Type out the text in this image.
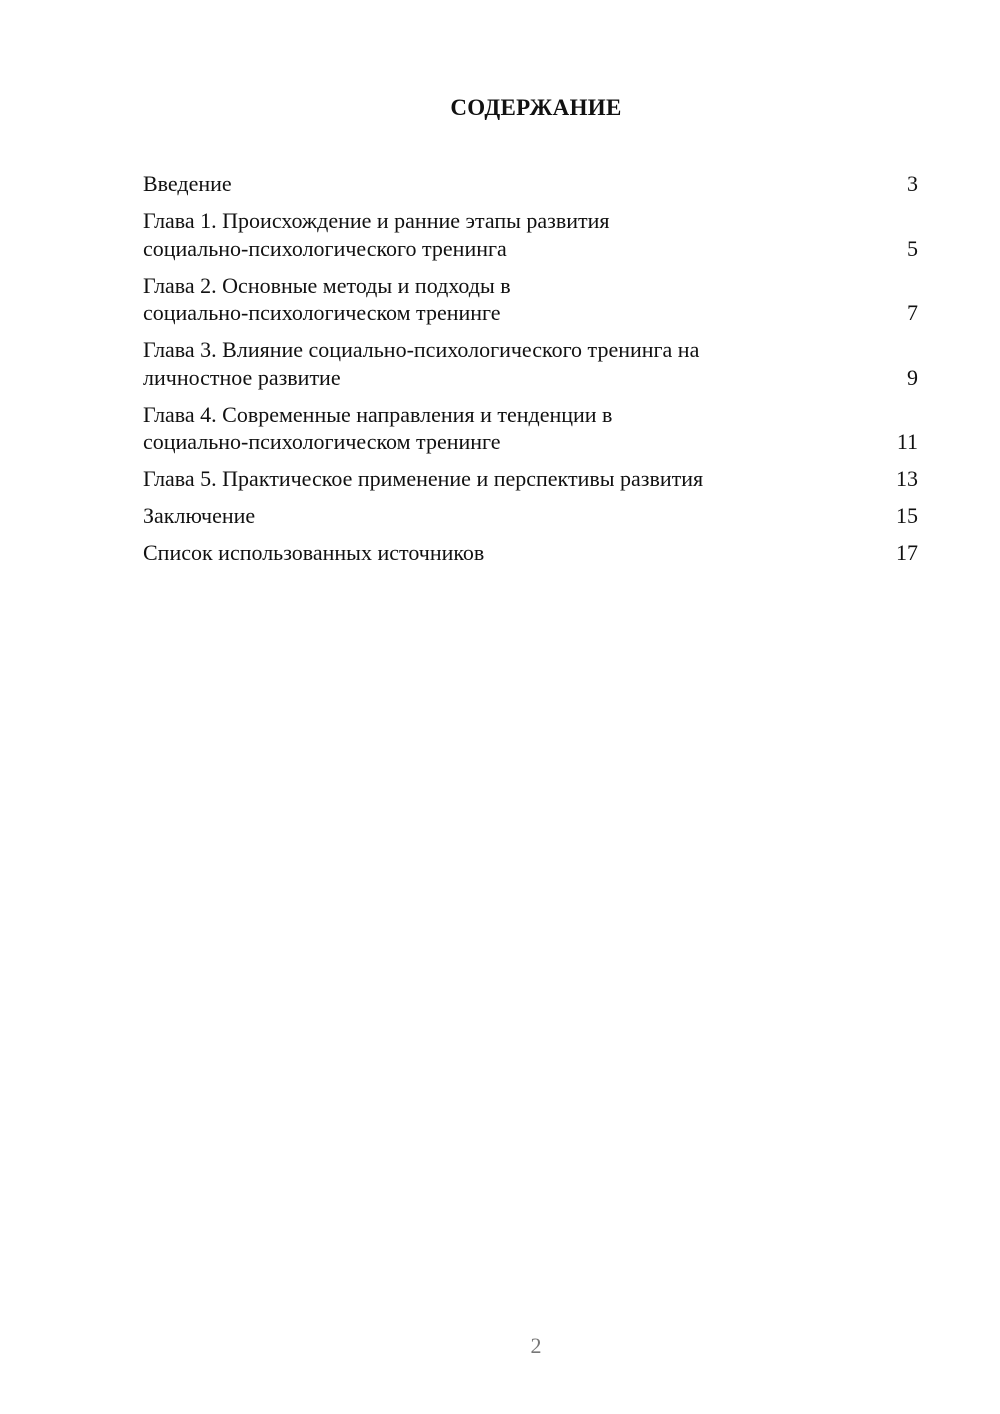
СОДЕРЖАНИЕ
Введение	3
Глава 1. Происхождение и ранние этапы развития
социально-психологического тренинга	5
Глава 2. Основные методы и подходы в
социально-психологическом тренинге	7
Глава 3. Влияние социально-психологического тренинга на
личностное развитие	9
Глава 4. Современные направления и тенденции в
социально-психологическом тренинге	11
Глава 5. Практическое применение и перспективы развития	13
Заключение	15
Список использованных источников	17
2
